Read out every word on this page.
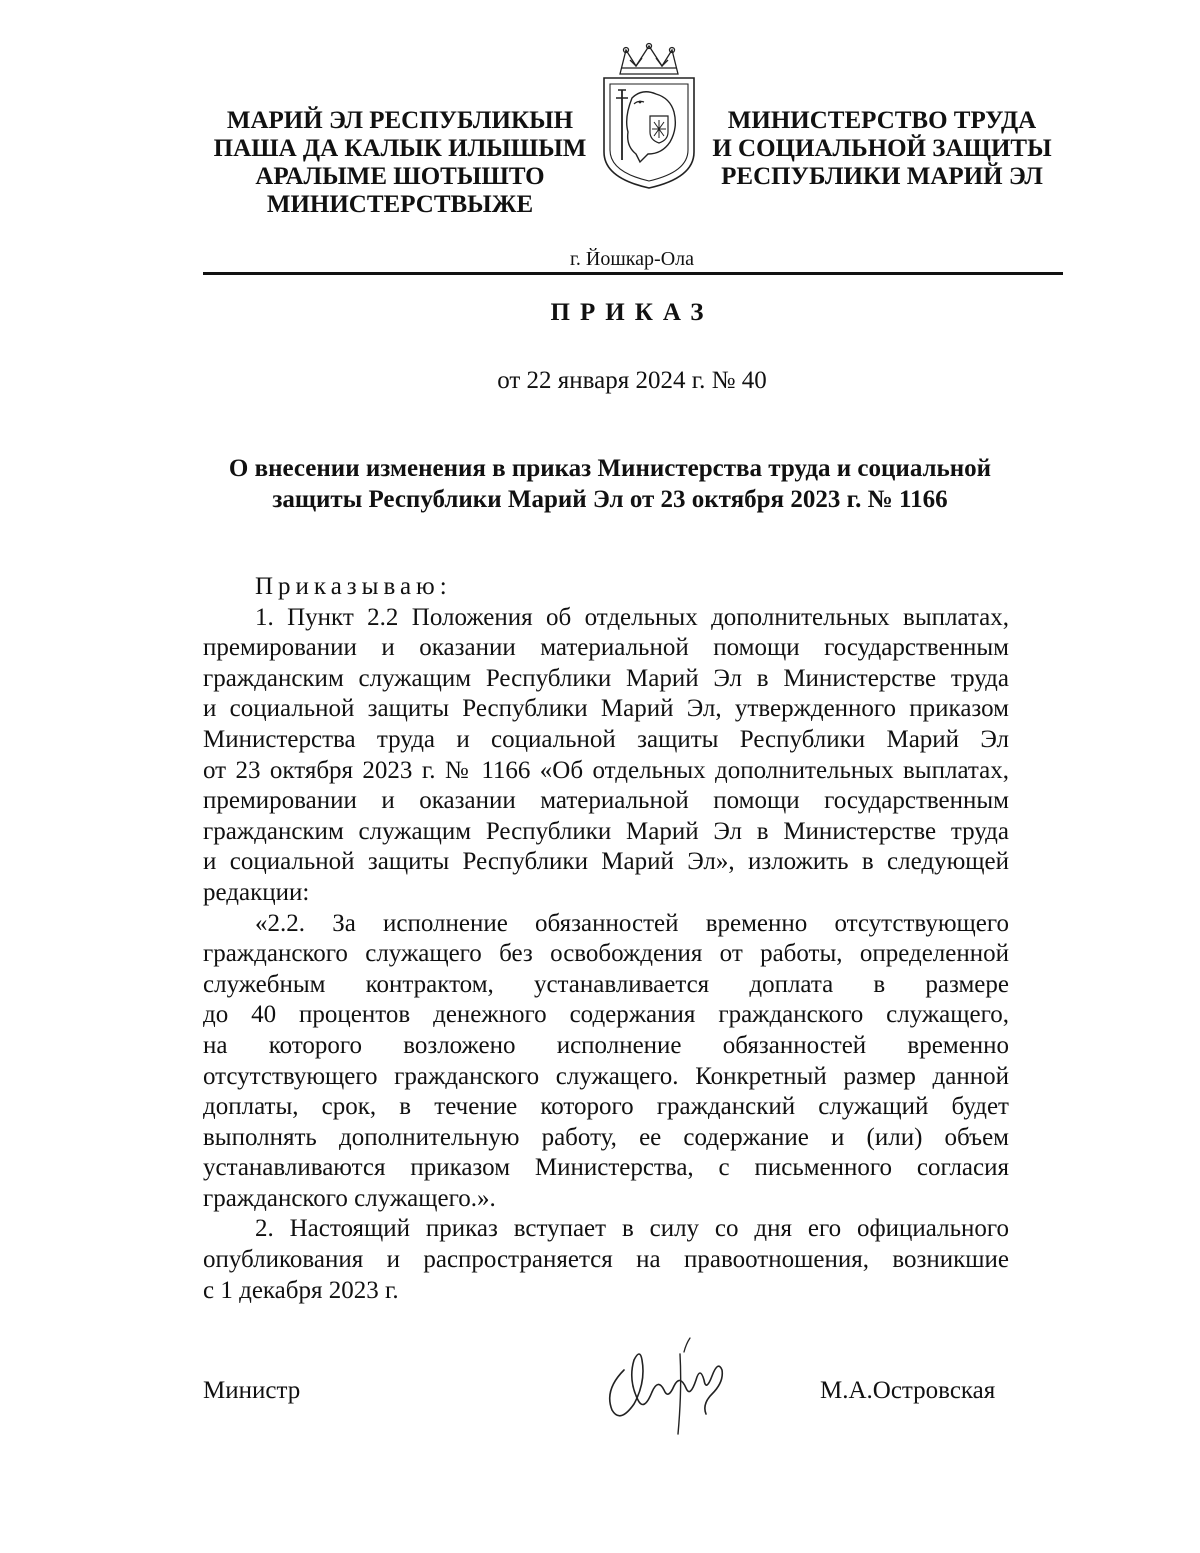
МАРИЙ ЭЛ РЕСПУБЛИКЫН
ПАША ДА КАЛЫК ИЛЫШЫМ
АРАЛЫМЕ ШОТЫШТО
МИНИСТЕРСТВЫЖЕ
МИНИСТЕРСТВО ТРУДА
И СОЦИАЛЬНОЙ ЗАЩИТЫ
РЕСПУБЛИКИ МАРИЙ ЭЛ
г. Йошкар-Ола
ПРИКАЗ
от 22 января 2024 г. № 40
О внесении изменения в приказ Министерства труда и социальной
защиты Республики Марий Эл от 23 октября 2023 г. № 1166
Приказываю:
1. Пункт 2.2 Положения об отдельных дополнительных выплатах,
премировании и оказании материальной помощи государственным
гражданским служащим Республики Марий Эл в Министерстве труда
и социальной защиты Республики Марий Эл, утвержденного приказом
Министерства труда и социальной защиты Республики Марий Эл
от 23 октября 2023 г. № 1166 «Об отдельных дополнительных выплатах,
премировании и оказании материальной помощи государственным
гражданским служащим Республики Марий Эл в Министерстве труда
и социальной защиты Республики Марий Эл», изложить в следующей
редакции:
«2.2. За исполнение обязанностей временно отсутствующего
гражданского служащего без освобождения от работы, определенной
служебным контрактом, устанавливается доплата в размере
до 40 процентов денежного содержания гражданского служащего,
на которого возложено исполнение обязанностей временно
отсутствующего гражданского служащего. Конкретный размер данной
доплаты, срок, в течение которого гражданский служащий будет
выполнять дополнительную работу, ее содержание и (или) объем
устанавливаются приказом Министерства, с письменного согласия
гражданского служащего.».
2. Настоящий приказ вступает в силу со дня его официального
опубликования и распространяется на правоотношения, возникшие
с 1 декабря 2023 г.
Министр	М.А.Островская
